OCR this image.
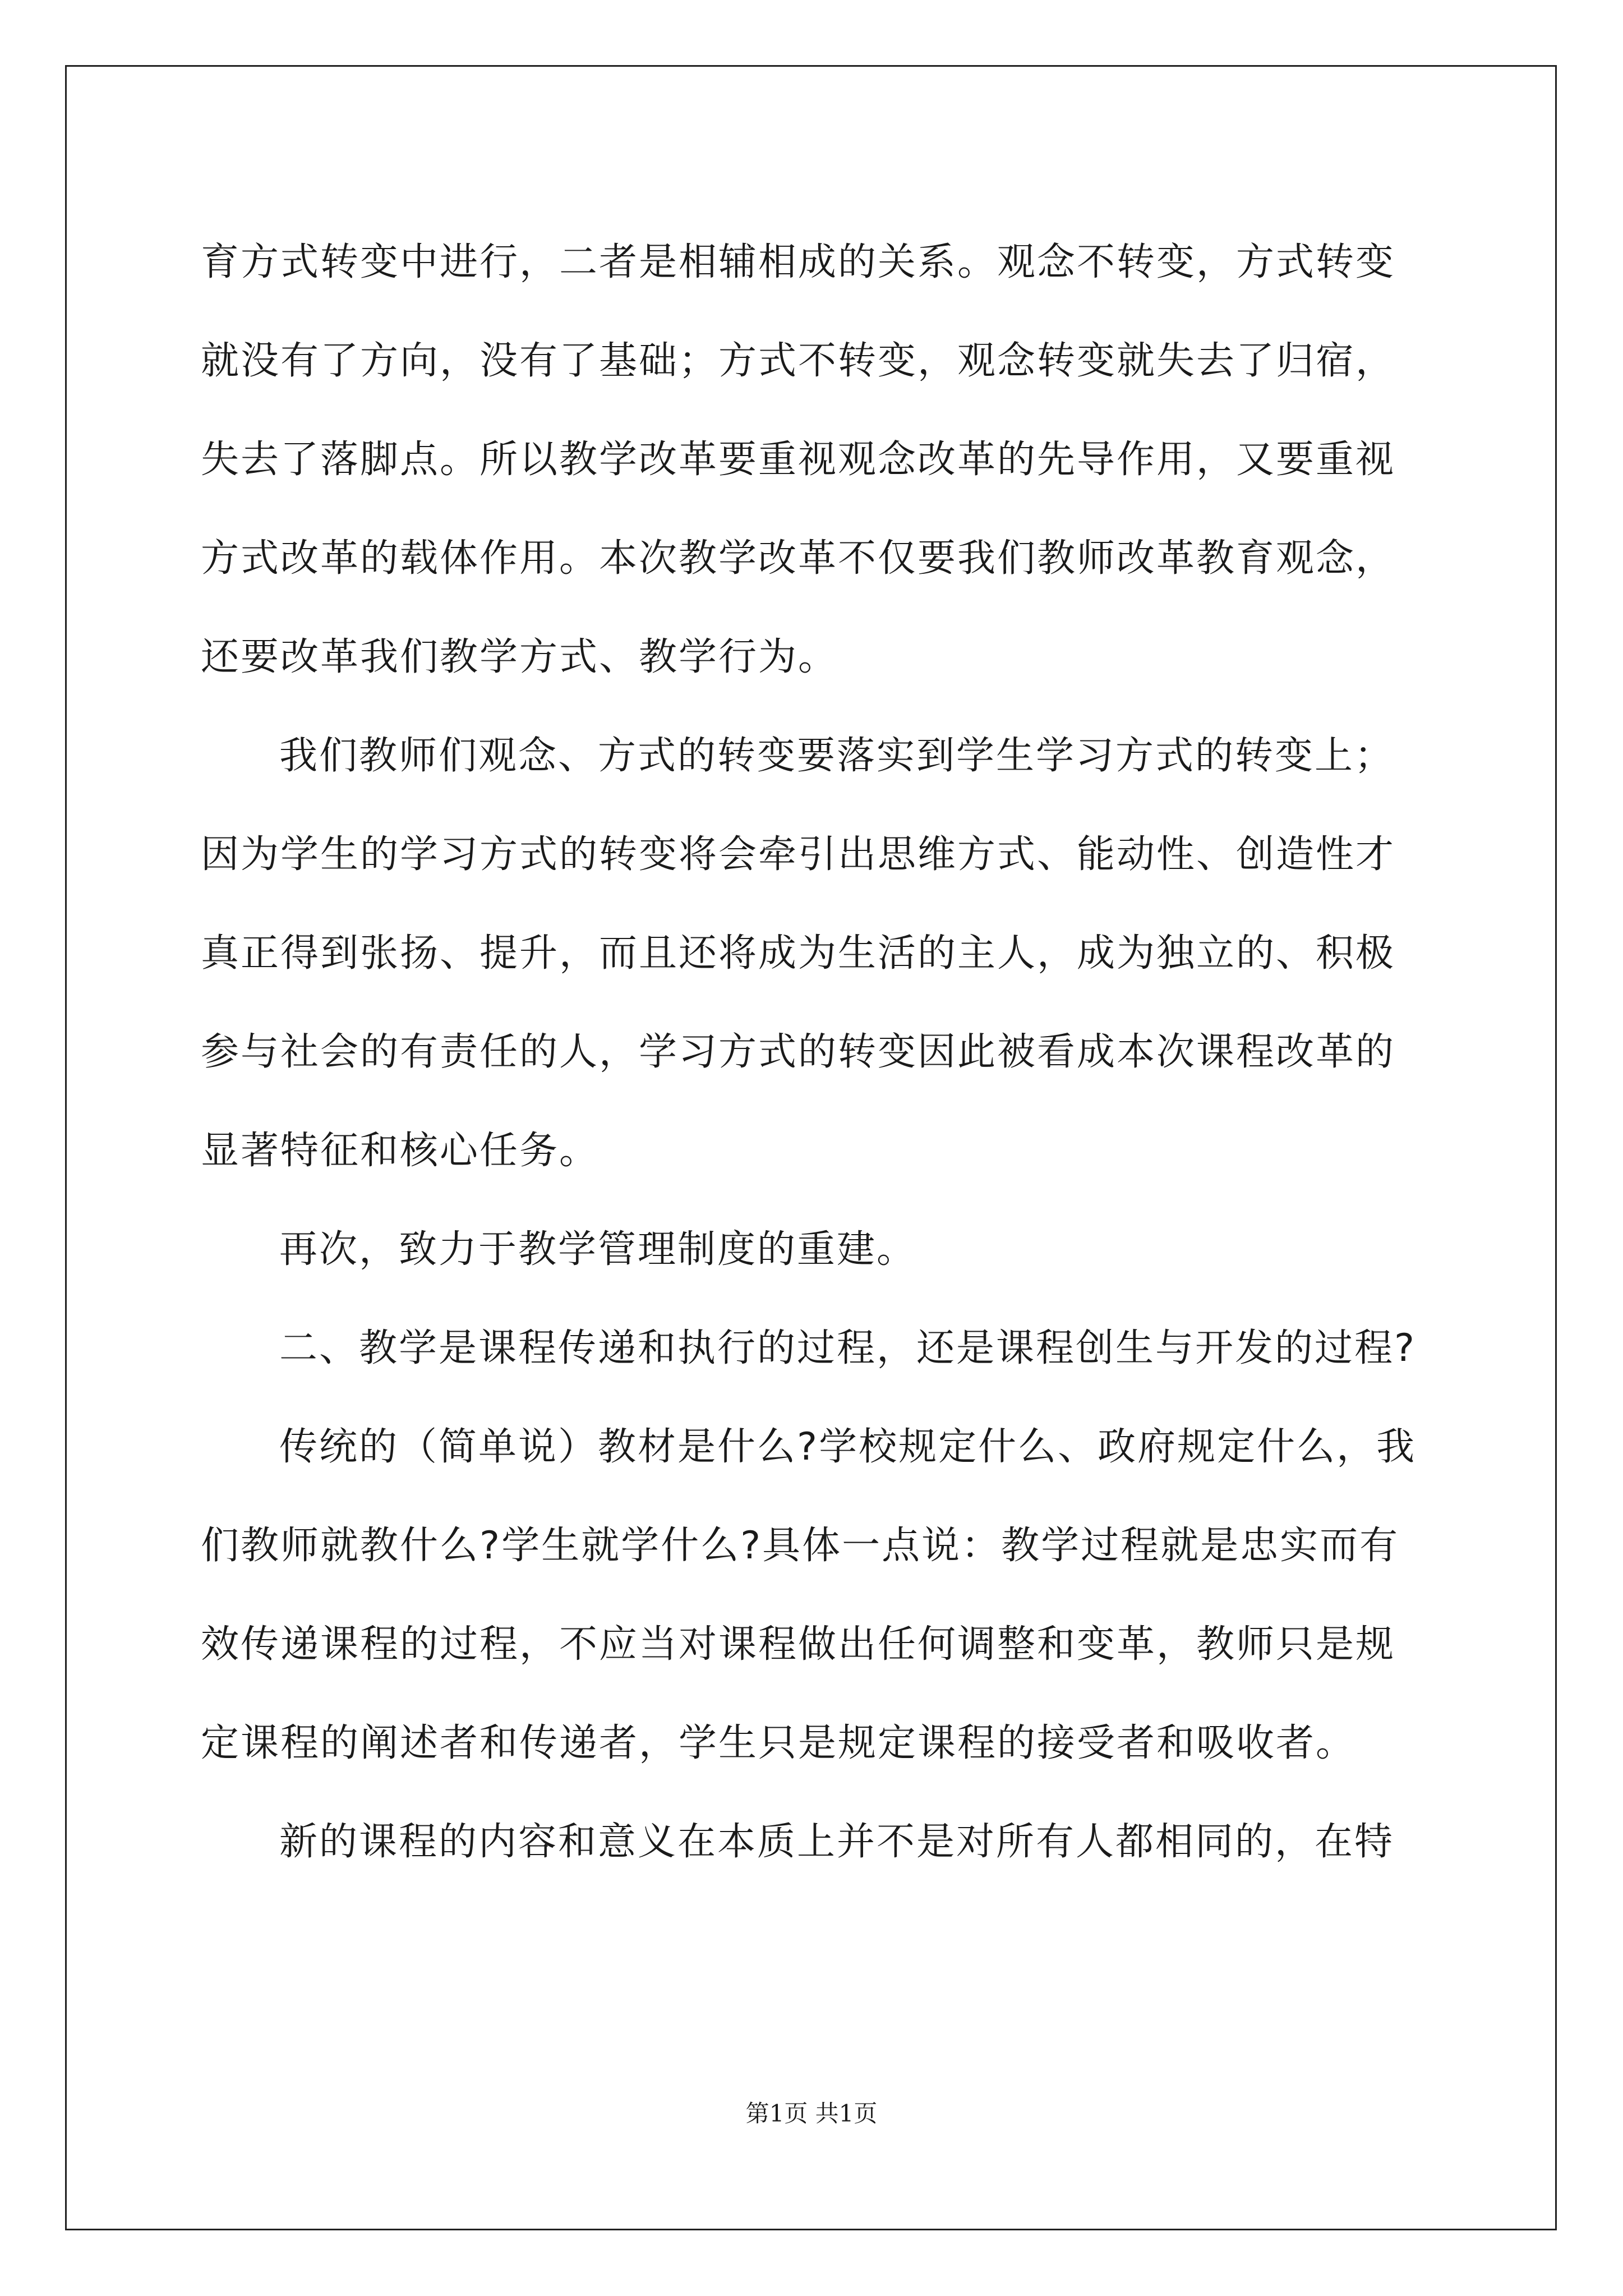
育方式转变中进行，二者是相辅相成的关系。观念不转变，方式转变
就没有了方向，没有了基础；方式不转变，观念转变就失去了归宿，
失去了落脚点。所以教学改革要重视观念改革的先导作用，又要重视
方式改革的载体作用。本次教学改革不仅要我们教师改革教育观念，
还要改革我们教学方式、教学行为。
我们教师们观念、方式的转变要落实到学生学习方式的转变上；
因为学生的学习方式的转变将会牵引出思维方式、能动性、创造性才
真正得到张扬、提升，而且还将成为生活的主人，成为独立的、积极
参与社会的有责任的人，学习方式的转变因此被看成本次课程改革的
显著特征和核心任务。
再次，致力于教学管理制度的重建。
二、教学是课程传递和执行的过程，还是课程创生与开发的过程?
传统的（简单说）教材是什么?学校规定什么、政府规定什么，我
们教师就教什么?学生就学什么?具体一点说：教学过程就是忠实而有
效传递课程的过程，不应当对课程做出任何调整和变革，教师只是规
定课程的阐述者和传递者，学生只是规定课程的接受者和吸收者。
新的课程的内容和意义在本质上并不是对所有人都相同的，在特
第1页 共1页
